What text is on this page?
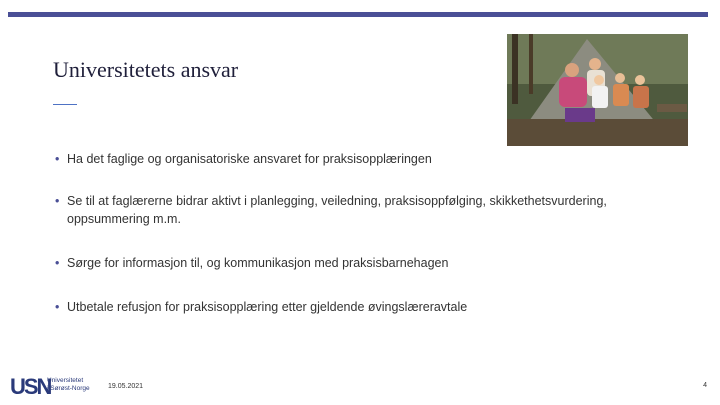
Universitetets ansvar
• Ha det faglige og organisatoriske ansvaret for praksisopplæringen
• Se til at faglærerne bidrar aktivt i planlegging, veiledning, praksisoppfølging, skikkethetsvurdering, oppsummering m.m.
• Sørge for informasjon til, og kommunikasjon med praksisbarnehagen
• Utbetale refusjon for praksisopplæring etter gjeldende øvingslæreravtale
USN
Universitetet
i Sørøst-Norge	19.05.2021	4
